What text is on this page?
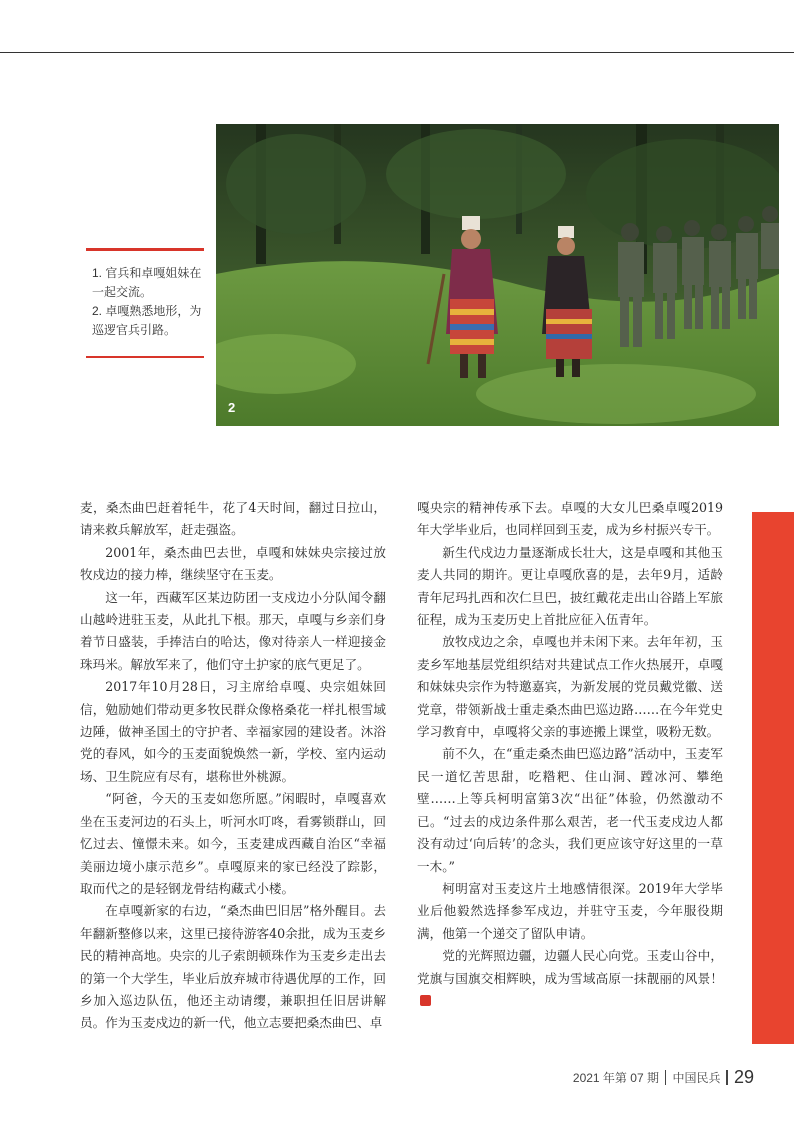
2

1. 官兵和卓嘎姐妹在一起交流。

2. 卓嘎熟悉地形，为巡逻官兵引路。

麦，桑杰曲巴赶着牦牛，花了4天时间，翻过日拉山，请来救兵解放军，赶走强盗。

2001年，桑杰曲巴去世，卓嘎和妹妹央宗接过放牧戍边的接力棒，继续坚守在玉麦。

这一年，西藏军区某边防团一支戍边小分队闻令翻山越岭进驻玉麦，从此扎下根。那天，卓嘎与乡亲们身着节日盛装，手捧洁白的哈达，像对待亲人一样迎接金珠玛米。解放军来了，他们守土护家的底气更足了。

2017年10月28日，习主席给卓嘎、央宗姐妹回信，勉励她们带动更多牧民群众像格桑花一样扎根雪域边陲，做神圣国土的守护者、幸福家园的建设者。沐浴党的春风，如今的玉麦面貌焕然一新，学校、室内运动场、卫生院应有尽有，堪称世外桃源。

“阿爸，今天的玉麦如您所愿。”闲暇时，卓嘎喜欢坐在玉麦河边的石头上，听河水叮咚，看雾锁群山，回忆过去、憧憬未来。如今，玉麦建成西藏自治区“幸福美丽边境小康示范乡”。卓嘎原来的家已经没了踪影，取而代之的是轻钢龙骨结构藏式小楼。

在卓嘎新家的右边，“桑杰曲巴旧居”格外醒目。去年翻新整修以来，这里已接待游客40余批，成为玉麦乡民的精神高地。央宗的儿子索朗顿珠作为玉麦乡走出去的第一个大学生，毕业后放弃城市待遇优厚的工作，回乡加入巡边队伍，他还主动请缨，兼职担任旧居讲解员。作为玉麦戍边的新一代，他立志要把桑杰曲巴、卓

嘎央宗的精神传承下去。卓嘎的大女儿巴桑卓嘎2019年大学毕业后，也同样回到玉麦，成为乡村振兴专干。

新生代戍边力量逐渐成长壮大，这是卓嘎和其他玉麦人共同的期许。更让卓嘎欣喜的是，去年9月，适龄青年尼玛扎西和次仁旦巴，披红戴花走出山谷踏上军旅征程，成为玉麦历史上首批应征入伍青年。

放牧戍边之余，卓嘎也并未闲下来。去年年初，玉麦乡军地基层党组织结对共建试点工作火热展开，卓嘎和妹妹央宗作为特邀嘉宾，为新发展的党员戴党徽、送党章，带领新战士重走桑杰曲巴巡边路……在今年党史学习教育中，卓嘎将父亲的事迹搬上课堂，吸粉无数。

前不久，在“重走桑杰曲巴巡边路”活动中，玉麦军民一道忆苦思甜，吃糌粑、住山洞、蹚冰河、攀绝壁……上等兵柯明富第3次“出征”体验，仍然激动不已。“过去的戍边条件那么艰苦，老一代玉麦戍边人都没有动过‘向后转’的念头，我们更应该守好这里的一草一木。”

柯明富对玉麦这片土地感情很深。2019年大学毕业后他毅然选择参军戍边，并驻守玉麦，今年服役期满，他第一个递交了留队申请。

党的光辉照边疆，边疆人民心向党。玉麦山谷中，党旗与国旗交相辉映，成为雪域高原一抹靓丽的风景！

2021 年第 07 期 中国民兵 29
